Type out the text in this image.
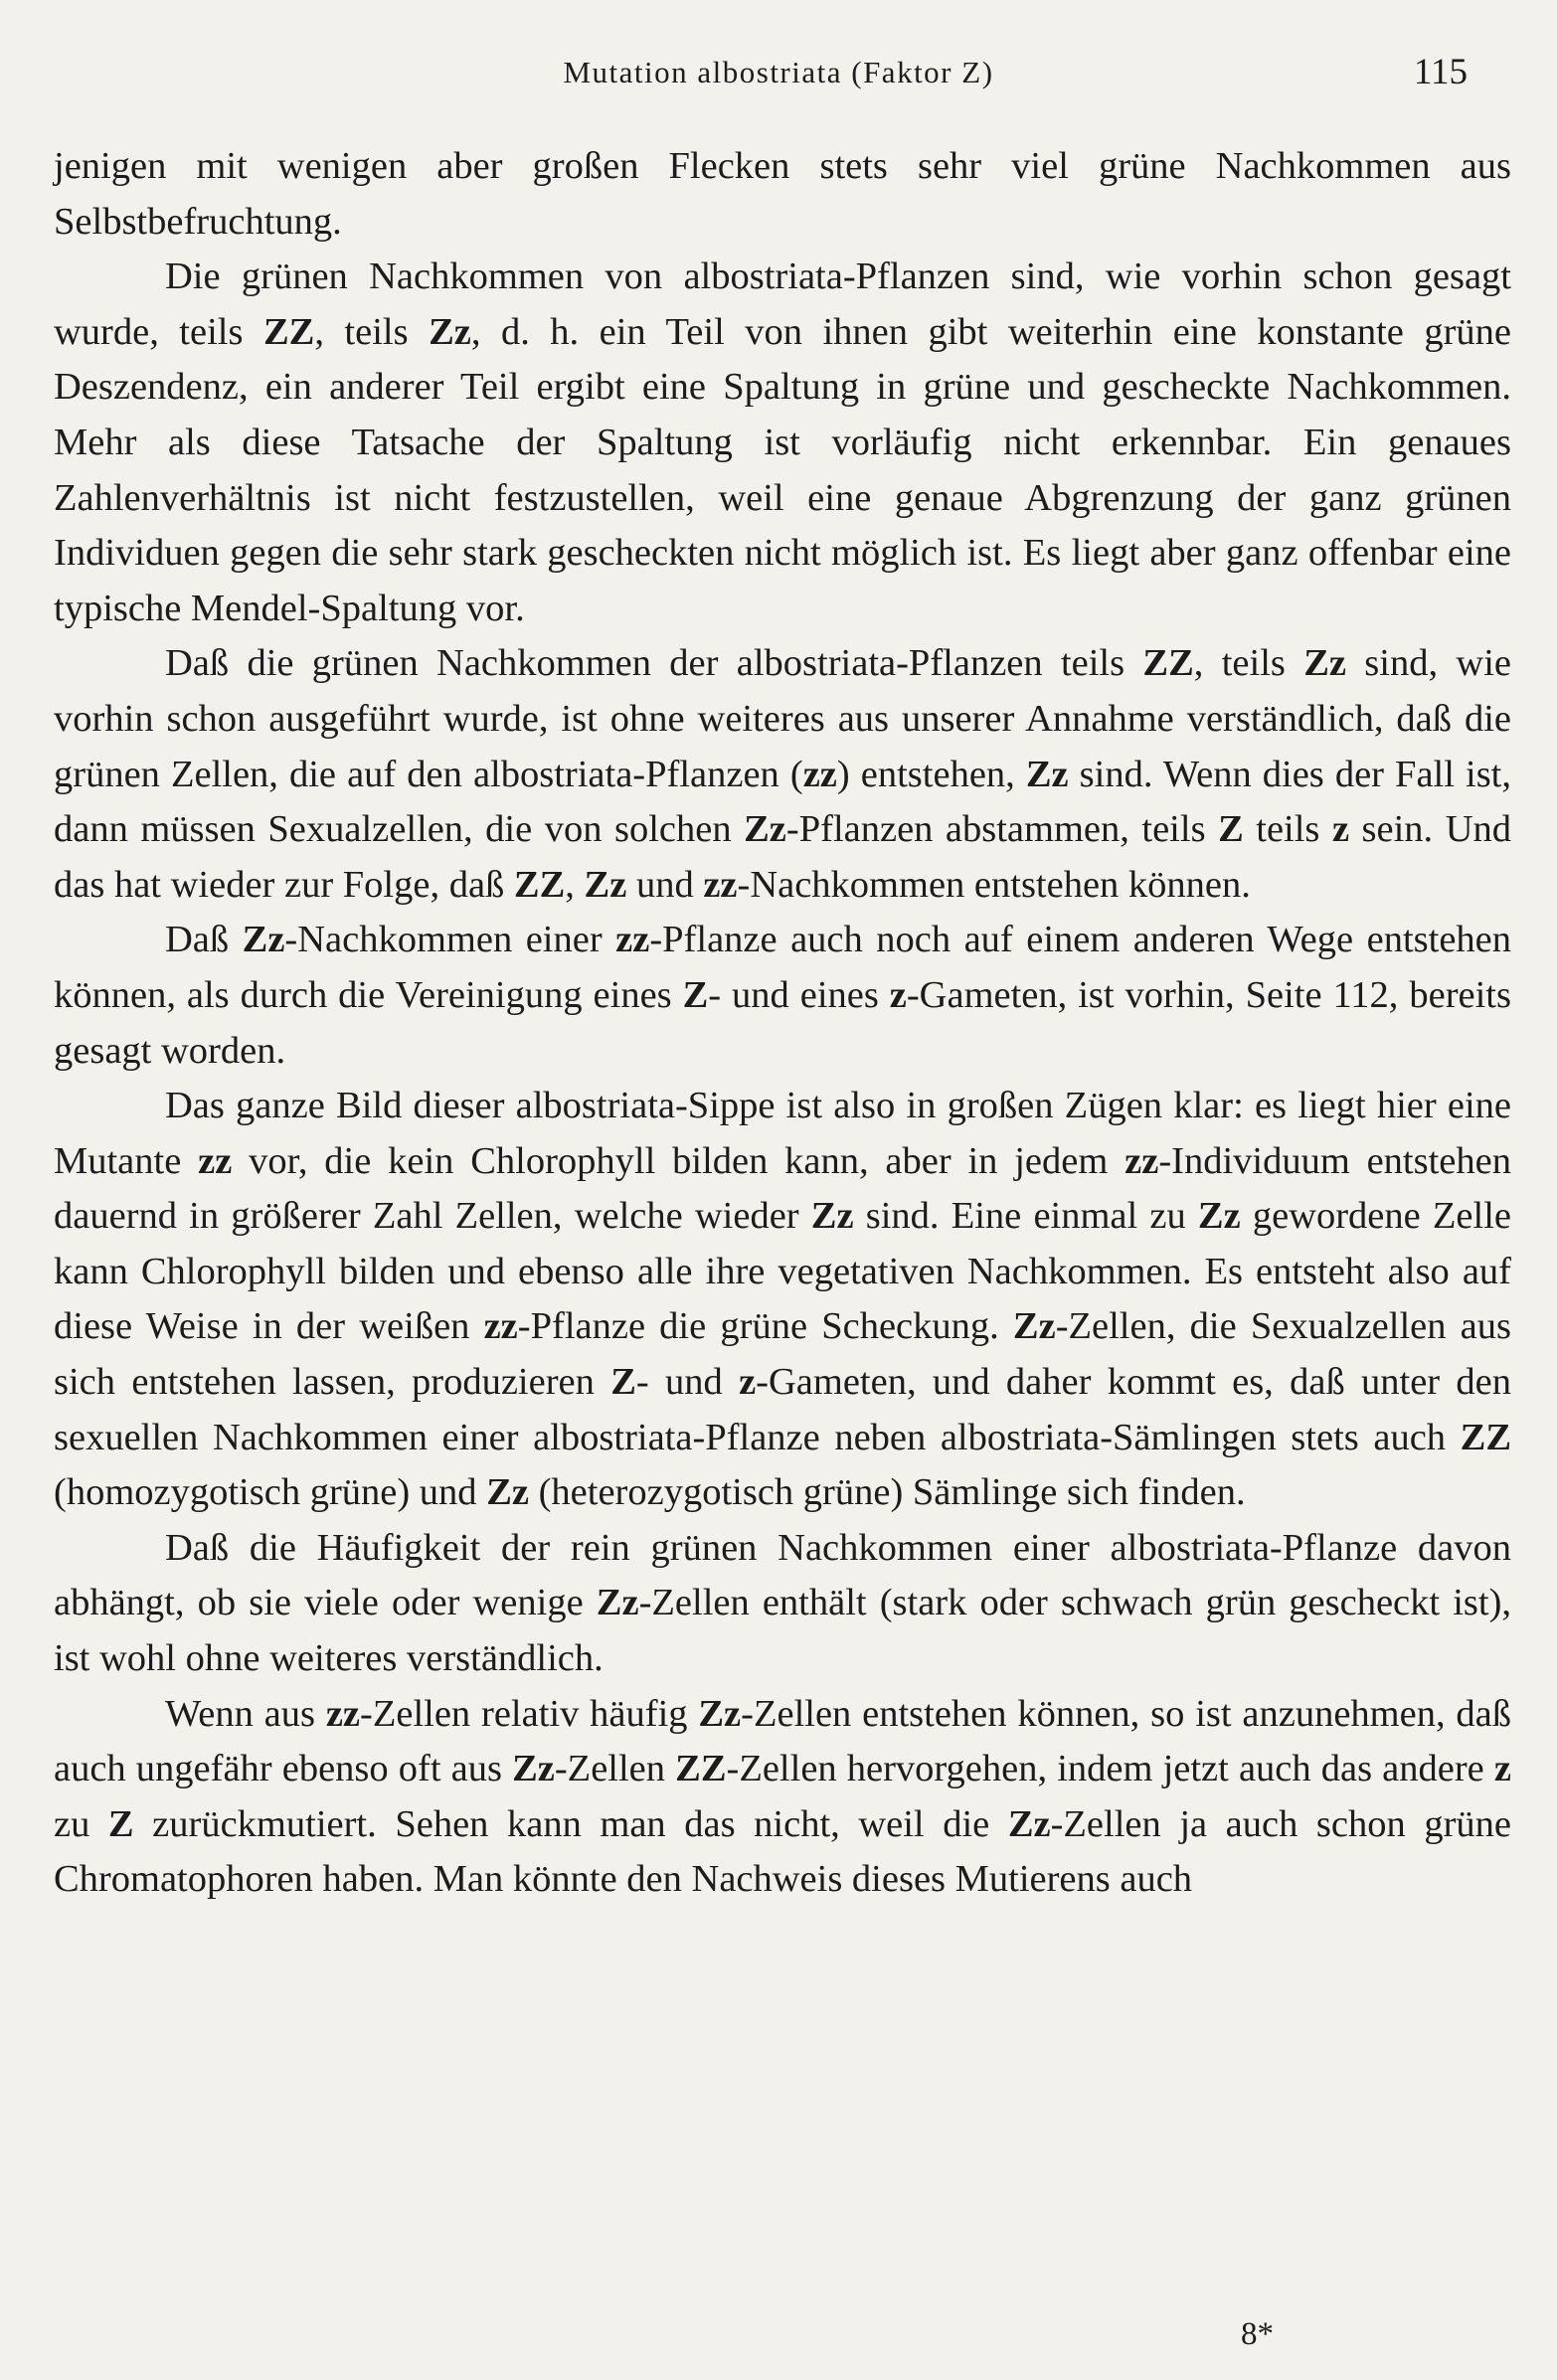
Mutation albostriata (Faktor Z)	115

jenigen mit wenigen aber großen Flecken stets sehr viel grüne Nachkommen aus Selbstbefruchtung.

Die grünen Nachkommen von albostriata-Pflanzen sind, wie vorhin schon gesagt wurde, teils ZZ, teils Zz, d. h. ein Teil von ihnen gibt weiterhin eine konstante grüne Deszendenz, ein anderer Teil ergibt eine Spaltung in grüne und gescheckte Nachkommen. Mehr als diese Tatsache der Spaltung ist vorläufig nicht erkennbar. Ein genaues Zahlenverhältnis ist nicht festzustellen, weil eine genaue Abgrenzung der ganz grünen Individuen gegen die sehr stark gescheckten nicht möglich ist. Es liegt aber ganz offenbar eine typische Mendel-Spaltung vor.

Daß die grünen Nachkommen der albostriata-Pflanzen teils ZZ, teils Zz sind, wie vorhin schon ausgeführt wurde, ist ohne weiteres aus unserer Annahme verständlich, daß die grünen Zellen, die auf den albostriata-Pflanzen (zz) entstehen, Zz sind. Wenn dies der Fall ist, dann müssen Sexualzellen, die von solchen Zz-Pflanzen abstammen, teils Z teils z sein. Und das hat wieder zur Folge, daß ZZ, Zz und zz-Nachkommen entstehen können.

Daß Zz-Nachkommen einer zz-Pflanze auch noch auf einem anderen Wege entstehen können, als durch die Vereinigung eines Z- und eines z-Gameten, ist vorhin, Seite 112, bereits gesagt worden.

Das ganze Bild dieser albostriata-Sippe ist also in großen Zügen klar: es liegt hier eine Mutante zz vor, die kein Chlorophyll bilden kann, aber in jedem zz-Individuum entstehen dauernd in größerer Zahl Zellen, welche wieder Zz sind. Eine einmal zu Zz gewordene Zelle kann Chlorophyll bilden und ebenso alle ihre vegetativen Nachkommen. Es entsteht also auf diese Weise in der weißen zz-Pflanze die grüne Scheckung. Zz-Zellen, die Sexualzellen aus sich entstehen lassen, produzieren Z- und z-Gameten, und daher kommt es, daß unter den sexuellen Nachkommen einer albostriata-Pflanze neben albostriata-Sämlingen stets auch ZZ (homozygotisch grüne) und Zz (heterozygotisch grüne) Sämlinge sich finden.

Daß die Häufigkeit der rein grünen Nachkommen einer albostriata-Pflanze davon abhängt, ob sie viele oder wenige Zz-Zellen enthält (stark oder schwach grün gescheckt ist), ist wohl ohne weiteres verständlich.

Wenn aus zz-Zellen relativ häufig Zz-Zellen entstehen können, so ist anzunehmen, daß auch ungefähr ebenso oft aus Zz-Zellen ZZ-Zellen hervorgehen, indem jetzt auch das andere z zu Z zurückmutiert. Sehen kann man das nicht, weil die Zz-Zellen ja auch schon grüne Chromatophoren haben. Man könnte den Nachweis dieses Mutierens auch

8*
